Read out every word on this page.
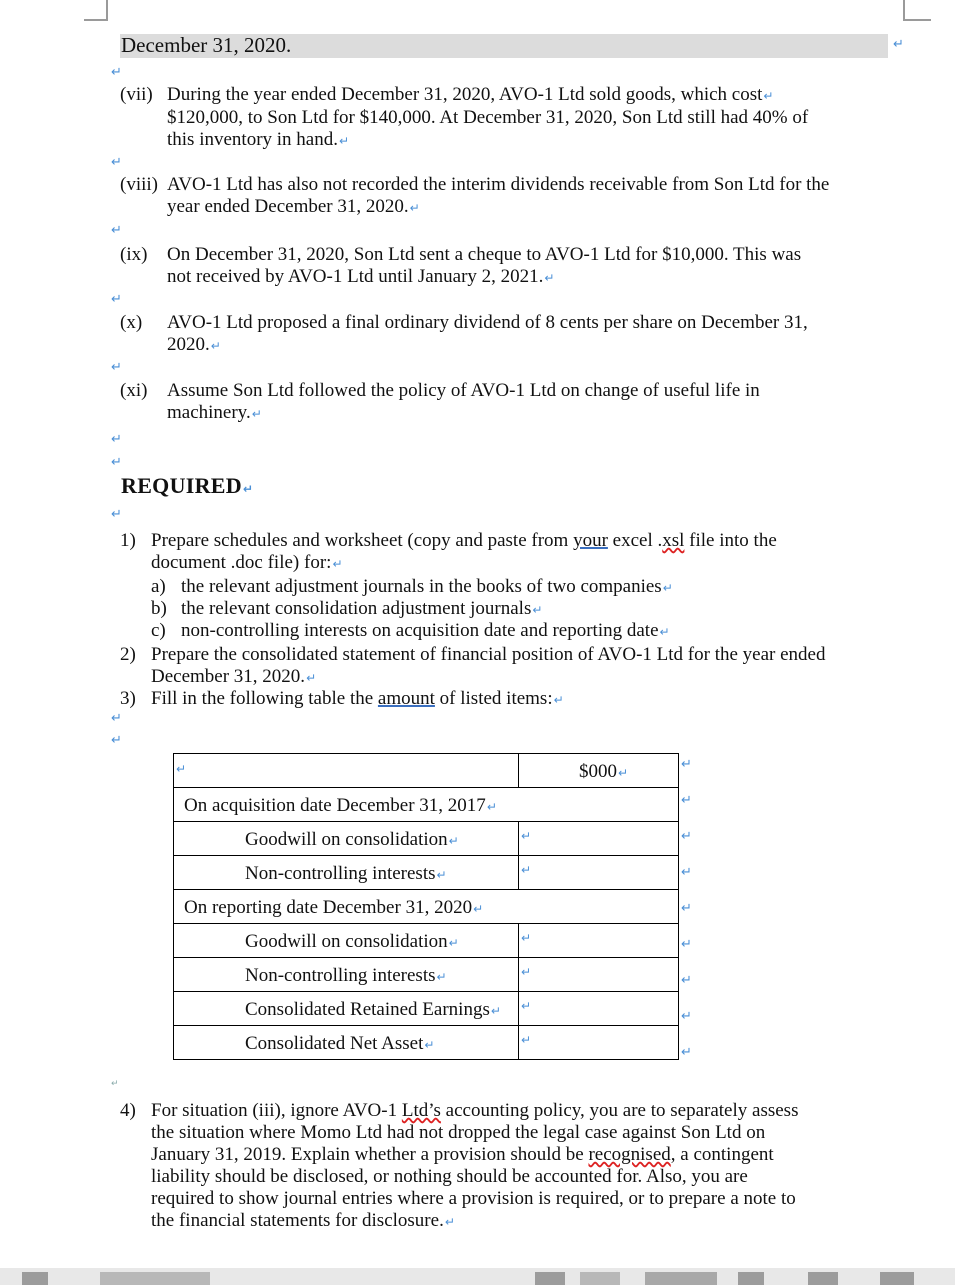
December 31, 2020.	↵
↵
(vii) During the year ended December 31, 2020, AVO-1 Ltd sold goods, which cost↵
$120,000, to Son Ltd for $140,000. At December 31, 2020, Son Ltd still had 40% of
this inventory in hand.↵
↵
(viii) AVO-1 Ltd has also not recorded the interim dividends receivable from Son Ltd for the
year ended December 31, 2020.↵
↵
(ix) On December 31, 2020, Son Ltd sent a cheque to AVO-1 Ltd for $10,000. This was
not received by AVO-1 Ltd until January 2, 2021.↵
↵
(x) AVO-1 Ltd proposed a final ordinary dividend of 8 cents per share on December 31,
2020.↵
↵
(xi) Assume Son Ltd followed the policy of AVO-1 Ltd on change of useful life in
machinery.↵
↵
↵
REQUIRED↵
↵
1) Prepare schedules and worksheet (copy and paste from your excel .xsl file into the
document .doc file) for:↵
a) the relevant adjustment journals in the books of two companies↵
b) the relevant consolidation adjustment journals↵
c) non-controlling interests on acquisition date and reporting date↵
2) Prepare the consolidated statement of financial position of AVO-1 Ltd for the year ended
December 31, 2020.↵
3) Fill in the following table the amount of listed items:↵
↵
↵
↵	$000↵

On acquisition date December 31, 2017↵	

Goodwill on consolidation↵	↵

Non-controlling interests↵	↵

On reporting date December 31, 2020↵	

Goodwill on consolidation↵	↵

Non-controlling interests↵	↵

Consolidated Retained Earnings↵	↵

Consolidated Net Asset↵	↵
↵
↵
↵
↵
↵
↵
↵
↵
↵
↵
4) For situation (iii), ignore AVO-1 Ltd’s accounting policy, you are to separately assess
the situation where Momo Ltd had not dropped the legal case against Son Ltd on
January 31, 2019. Explain whether a provision should be recognised, a contingent
liability should be disclosed, or nothing should be accounted for. Also, you are
required to show journal entries where a provision is required, or to prepare a note to
the financial statements for disclosure.↵
